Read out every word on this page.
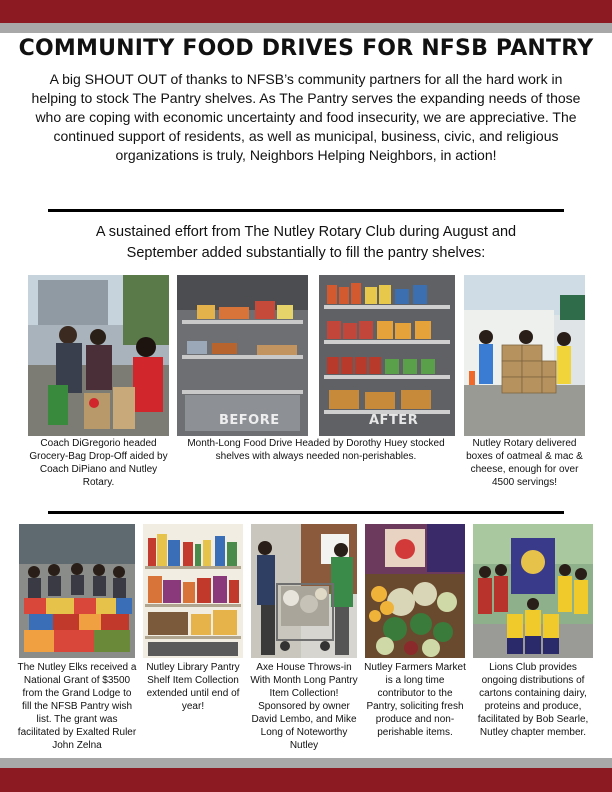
COMMUNITY FOOD DRIVES FOR NFSB PANTRY
A big SHOUT OUT of thanks to NFSB’s community partners for all the hard work in helping to stock The Pantry shelves. As The Pantry serves the expanding needs of those who are coping with economic uncertainty and food insecurity, we are appreciative. The continued support of residents, as well as municipal, business, civic, and religious organizations is truly, Neighbors Helping Neighbors, in action!
A sustained effort from The Nutley Rotary Club during August and September added substantially to fill the pantry shelves:
BEFORE	AFTER
Coach DiGregorio headed Grocery-Bag Drop-Off aided by Coach DiPiano and Nutley Rotary.
Month-Long Food Drive Headed by Dorothy Huey stocked shelves with always needed non-perishables.
Nutley Rotary delivered boxes of oatmeal & mac & cheese, enough for over 4500 servings!
The Nutley Elks received a National Grant of $3500 from the Grand Lodge to fill the NFSB Pantry wish list. The grant was facilitated by Exalted Ruler John Zelna
Nutley Library Pantry Shelf Item Collection extended until end of year!
Axe House Throws-in With Month Long Pantry Item Collection! Sponsored by owner David Lembo, and Mike Long of Noteworthy Nutley
Nutley Farmers Market is a long time contributor to the Pantry, soliciting fresh produce and non-perishable items.
Lions Club provides ongoing distributions of cartons containing dairy, proteins and produce, facilitated by Bob Searle, Nutley chapter member.
